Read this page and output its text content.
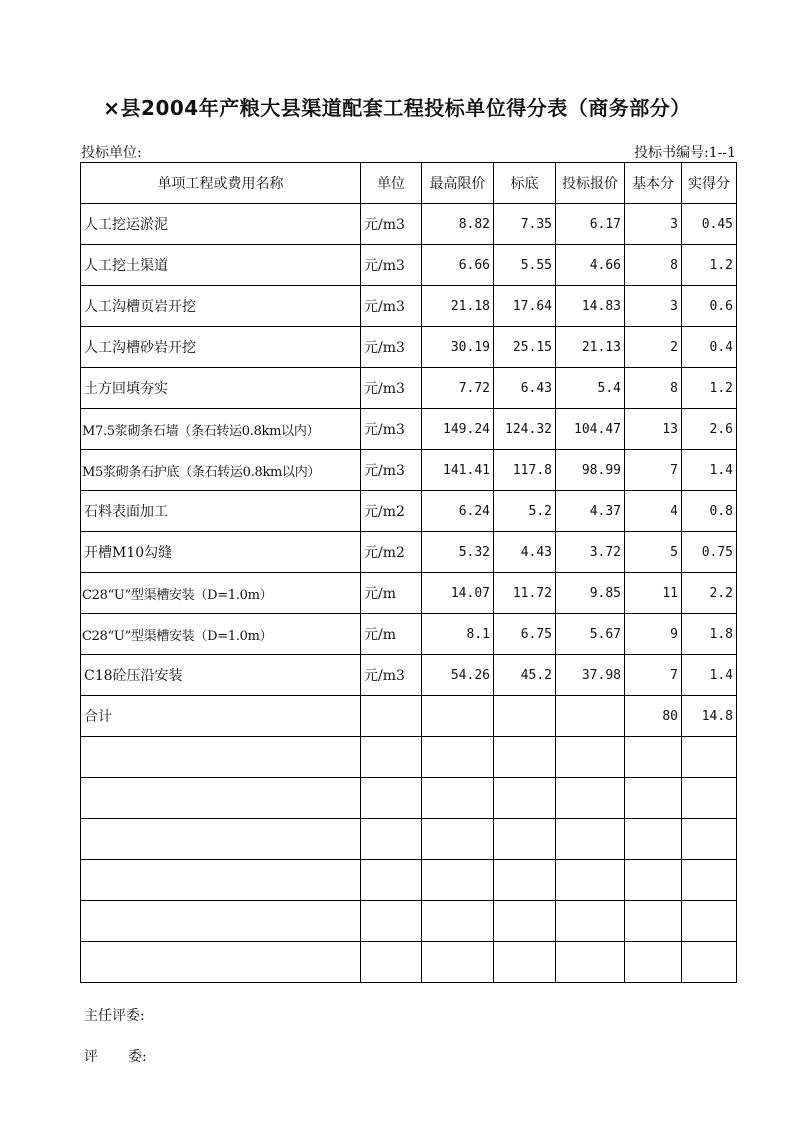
×县2004年产粮大县渠道配套工程投标单位得分表（商务部分）
投标单位:	投标书编号:1--1
单项工程或费用名称	单位	最高限价	标底	投标报价	基本分	实得分
人工挖运淤泥	元/m3	8.82	7.35	6.17	3	0.45
人工挖土渠道	元/m3	6.66	5.55	4.66	8	1.2
人工沟槽页岩开挖	元/m3	21.18	17.64	14.83	3	0.6
人工沟槽砂岩开挖	元/m3	30.19	25.15	21.13	2	0.4
土方回填夯实	元/m3	7.72	6.43	5.4	8	1.2
M7.5浆砌条石墙（条石转运0.8km以内）	元/m3	149.24	124.32	104.47	13	2.6
M5浆砌条石护底（条石转运0.8km以内）	元/m3	141.41	117.8	98.99	7	1.4
石料表面加工	元/m2	6.24	5.2	4.37	4	0.8
开槽M10勾缝	元/m2	5.32	4.43	3.72	5	0.75
C28“U”型渠槽安装（D=1.0m）	元/m	14.07	11.72	9.85	11	2.2
C28“U”型渠槽安装（D=1.0m）	元/m	8.1	6.75	5.67	9	1.8
C18砼压沿安装	元/m3	54.26	45.2	37.98	7	1.4
合计					80	14.8

主任评委:
评 委:
